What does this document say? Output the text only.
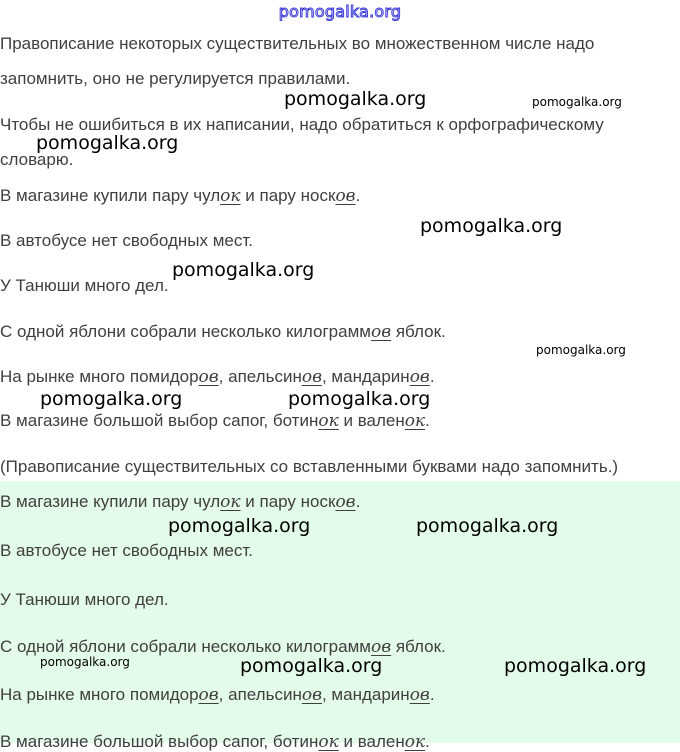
pomogalka.org
Правописание некоторых существительных во множественном числе надо
запомнить, оно не регулируется правилами.
Чтобы не ошибиться в их написании, надо обратиться к орфографическому
словарю.
В магазине купили пару чулок и пару носков.
В автобусе нет свободных мест.
У Танюши много дел.
С одной яблони собрали несколько килограммов яблок.
На рынке много помидоров, апельсинов, мандаринов.
В магазине большой выбор сапог, ботинок и валенок.
(Правописание существительных со вставленными буквами надо запомнить.)
В магазине купили пару чулок и пару носков.
В автобусе нет свободных мест.
У Танюши много дел.
С одной яблони собрали несколько килограммов яблок.
На рынке много помидоров, апельсинов, мандаринов.
В магазине большой выбор сапог, ботинок и валенок.
pomogalka.org	pomogalka.org
pomogalka.org
pomogalka.org
pomogalka.org
pomogalka.org
pomogalka.org	pomogalka.org
pomogalka.org	pomogalka.org
pomogalka.org	pomogalka.org	pomogalka.org
